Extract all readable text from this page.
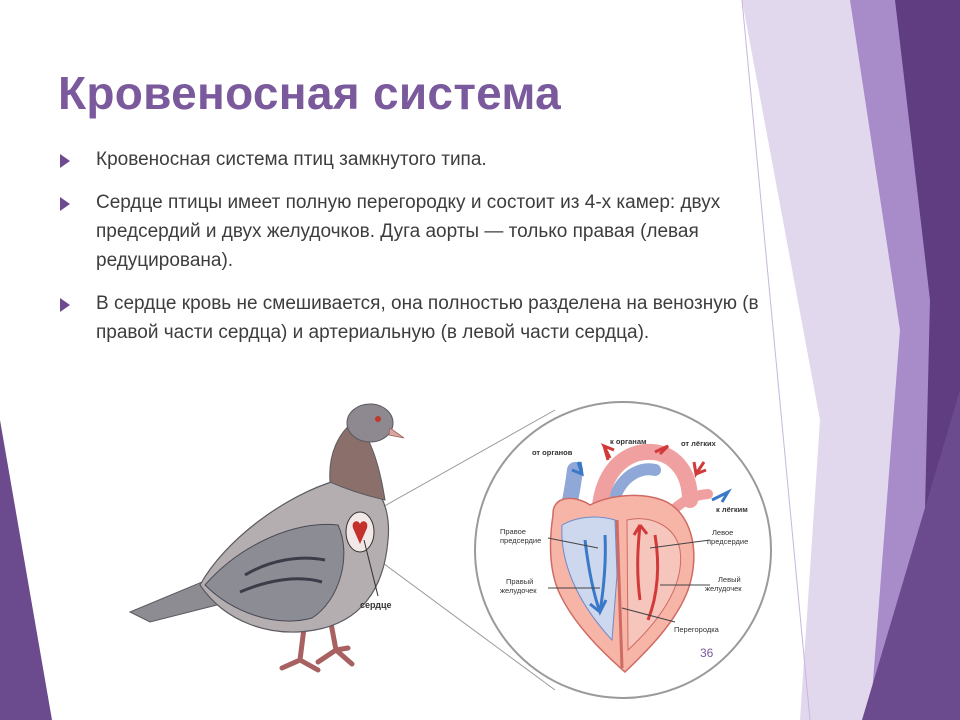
Кровеносная система
Кровеносная система птиц замкнутого типа.
Сердце птицы имеет полную перегородку и состоит из 4-х камер: двух предсердий и двух желудочков. Дуга аорты — только правая (левая редуцирована).
В сердце кровь не смешивается, она полностью разделена на венозную (в правой части сердца) и артериальную (в левой части сердца).
сердце
от органов
к органам	от лёгких
к лёгким
Правое
предсердие
Правый
желудочек
Левое
предсердие
Левый
желудочек
Перегородка
36
